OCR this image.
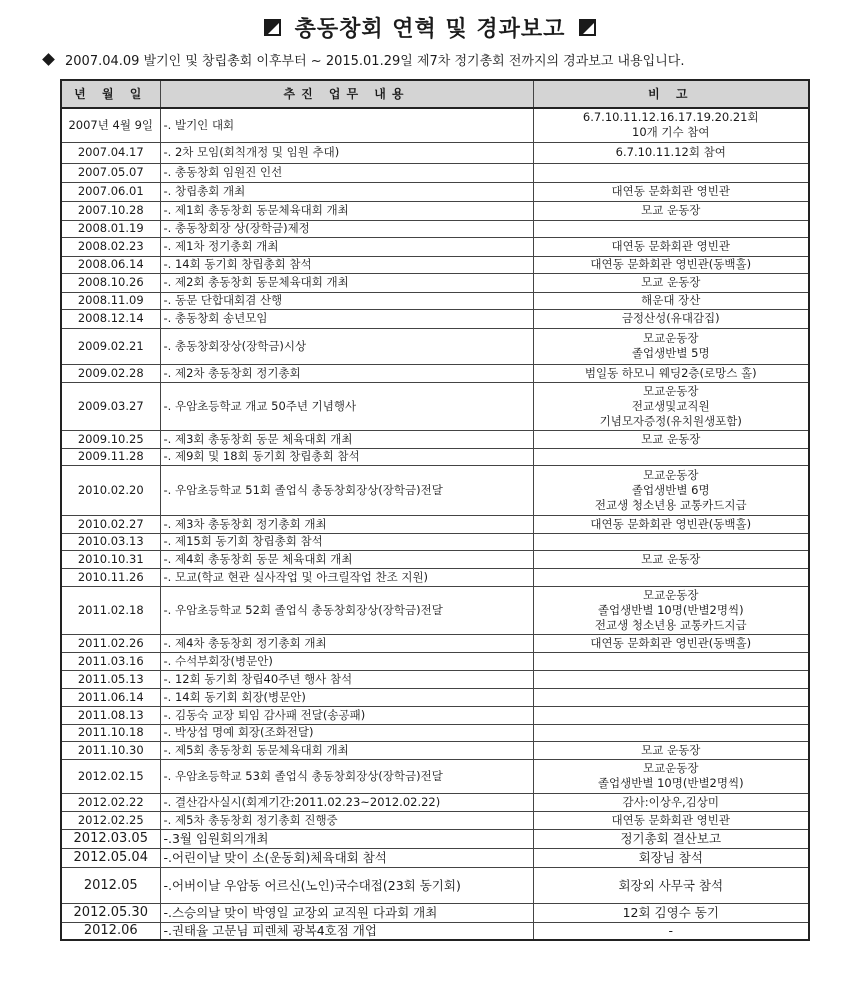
총동창회 연혁 및 경과보고
2007.04.09 발기인 및 창립총회 이후부터 ~ 2015.01.29일 제7차 정기총회 전까지의 경과보고 내용입니다.
년 월 일	추진 업무 내용	비 고
2007년 4월 9일	-. 발기인 대회	6.7.10.11.12.16.17.19.20.21회
10개 기수 참여
2007.04.17	-. 2차 모임(회칙개정 및 임원 추대)	6.7.10.11.12회 참여
2007.05.07	-. 총동창회 임원진 인선	
2007.06.01	-. 창립총회 개최	대연동 문화회관 영빈관
2007.10.28	-. 제1회 총동창회 동문체육대회 개최	모교 운동장
2008.01.19	-. 총동창회장 상(장학금)제정	
2008.02.23	-. 제1차 정기총회 개최	대연동 문화회관 영빈관
2008.06.14	-. 14회 동기회 창립총회 참석	대연동 문화회관 영빈관(동백홀)
2008.10.26	-. 제2회 총동창회 동문체육대회 개최	모교 운동장
2008.11.09	-. 동문 단합대회겸 산행	해운대 장산
2008.12.14	-. 총동창회 송년모임	금정산성(유대감집)
2009.02.21	-. 총동창회장상(장학금)시상	모교운동장
졸업생반별 5명
2009.02.28	-. 제2차 총동창회 정기총회	범일동 하모니 웨딩2층(로망스 홀)
2009.03.27	-. 우암초등학교 개교 50주년 기념행사	모교운동장
전교생및교직원
기념모자증정(유치원생포함)
2009.10.25	-. 제3회 총동창회 동문 체육대회 개최	모교 운동장
2009.11.28	-. 제9회 및 18회 동기회 창립총회 참석	
2010.02.20	-. 우암초등학교 51회 졸업식 총동창회장상(장학금)전달	모교운동장
졸업생반별 6명
전교생 청소년용 교통카드지급
2010.02.27	-. 제3차 총동창회 정기총회 개최	대연동 문화회관 영빈관(동백홀)
2010.03.13	-. 제15회 동기회 창립총회 참석	
2010.10.31	-. 제4회 총동창회 동문 체육대회 개최	모교 운동장
2010.11.26	-. 모교(학교 현관 실사작업 및 아크릴작업 찬조 지원)	
2011.02.18	-. 우암초등학교 52회 졸업식 총동창회장상(장학금)전달	모교운동장
졸업생반별 10명(반별2명씩)
전교생 청소년용 교통카드지급
2011.02.26	-. 제4차 총동창회 정기총회 개최	대연동 문화회관 영빈관(동백홀)
2011.03.16	-. 수석부회장(병문안)	
2011.05.13	-. 12회 동기회 창립40주년 행사 참석	
2011.06.14	-. 14회 동기회 회장(병문안)	
2011.08.13	-. 김동숙 교장 퇴임 감사패 전달(송공패)	
2011.10.18	-. 박상섭 명예 회장(조화전달)	
2011.10.30	-. 제5회 총동창회 동문체육대회 개최	모교 운동장
2012.02.15	-. 우암초등학교 53회 졸업식 총동창회장상(장학금)전달	모교운동장
졸업생반별 10명(반별2명씩)
2012.02.22	-. 결산감사실시(회계기간:2011.02.23~2012.02.22)	감사:이상우,김상미
2012.02.25	-. 제5차 총동창회 정기총회 진행중	대연동 문화회관 영빈관
2012.03.05	-.3월 임원회의개최	정기총회 결산보고
2012.05.04	-.어린이날 맞이 소(운동회)체육대회 참석	회장님 참석
2012.05	-.어버이날 우암동 어르신(노인)국수대접(23회 동기회)	회장외 사무국 참석
2012.05.30	-.스승의날 맞이 박영일 교장외 교직원 다과회 개최	12회 김영수 동기
2012.06	-.권태율 고문님 피렌체 광복4호점 개업	-
